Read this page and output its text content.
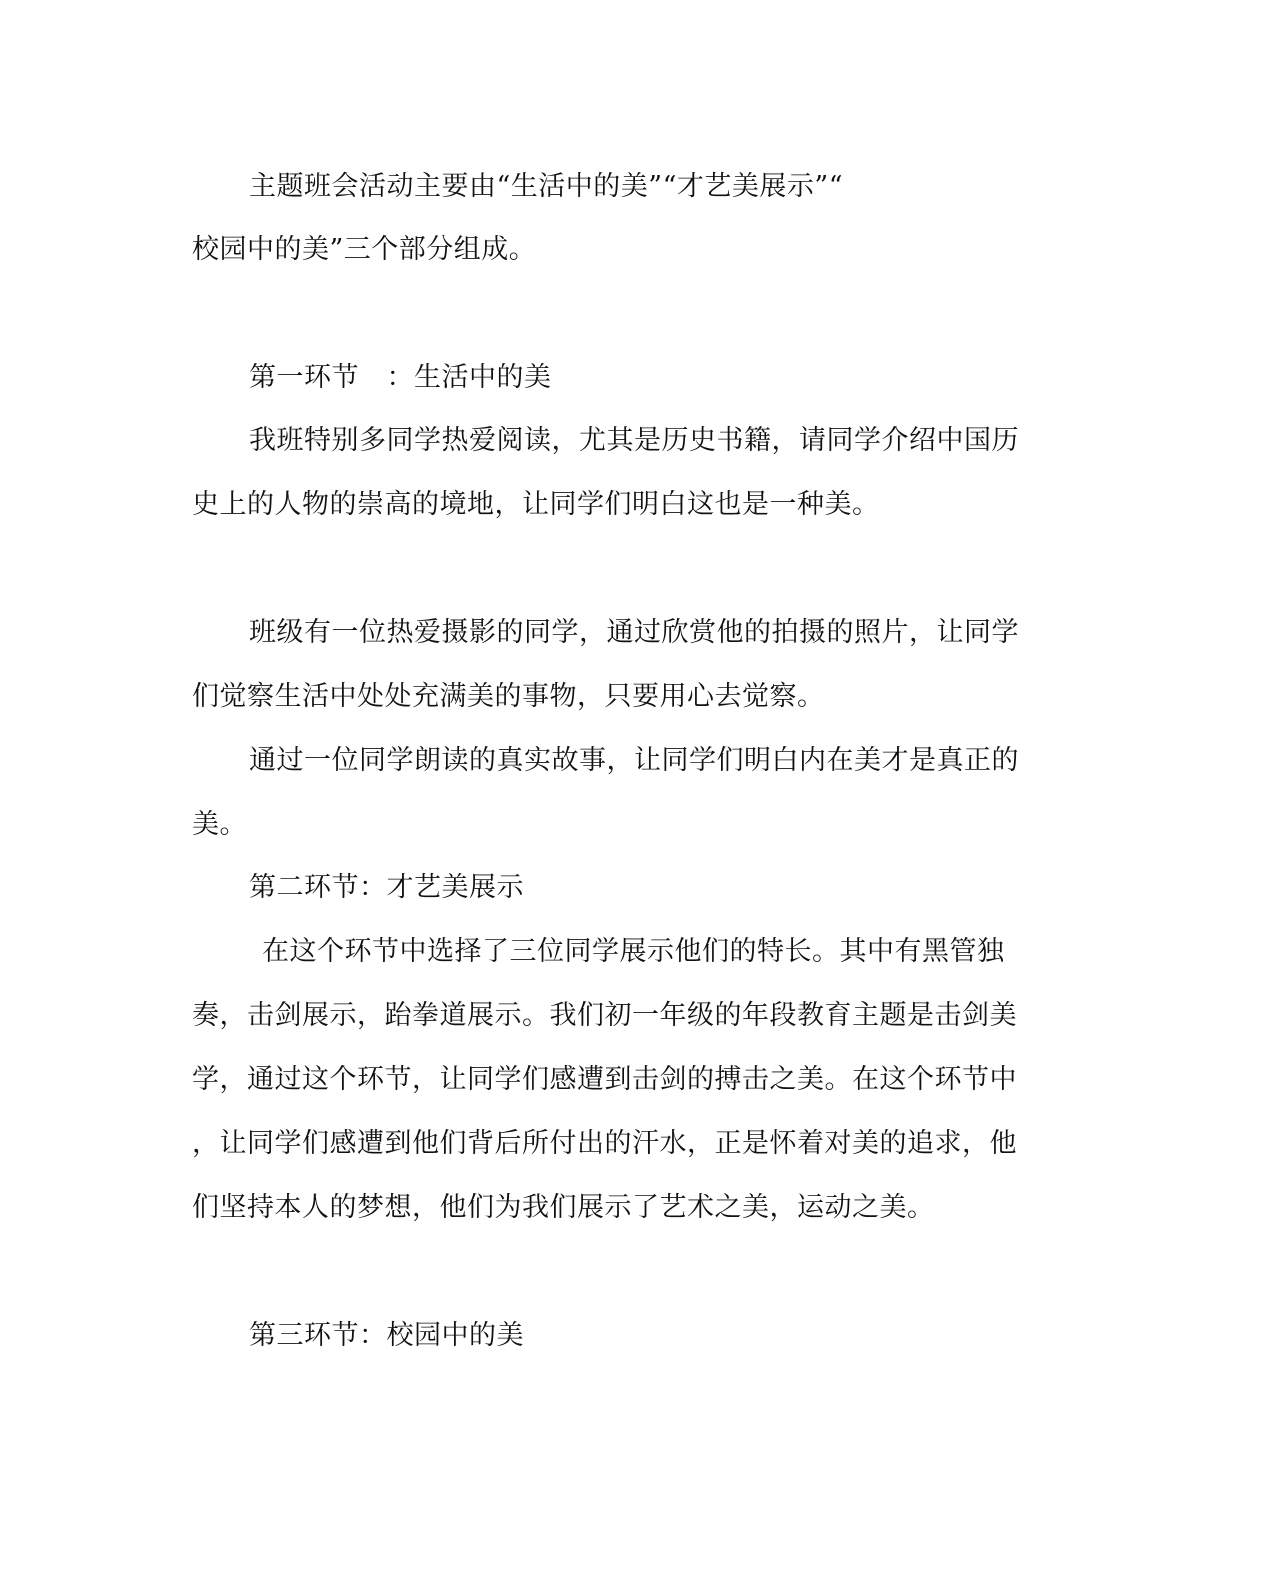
主题班会活动主要由“生活中的美”“才艺美展示”“
校园中的美”三个部分组成。
第一环节　：生活中的美
我班特别多同学热爱阅读，尤其是历史书籍，请同学介绍中国历
史上的人物的崇高的境地，让同学们明白这也是一种美。
班级有一位热爱摄影的同学，通过欣赏他的拍摄的照片，让同学
们觉察生活中处处充满美的事物，只要用心去觉察。
通过一位同学朗读的真实故事，让同学们明白内在美才是真正的
美。
第二环节：才艺美展示
在这个环节中选择了三位同学展示他们的特长。其中有黑管独
奏，击剑展示，跆拳道展示。我们初一年级的年段教育主题是击剑美
学，通过这个环节，让同学们感遭到击剑的搏击之美。在这个环节中
，让同学们感遭到他们背后所付出的汗水，正是怀着对美的追求，他
们坚持本人的梦想，他们为我们展示了艺术之美，运动之美。
第三环节：校园中的美
